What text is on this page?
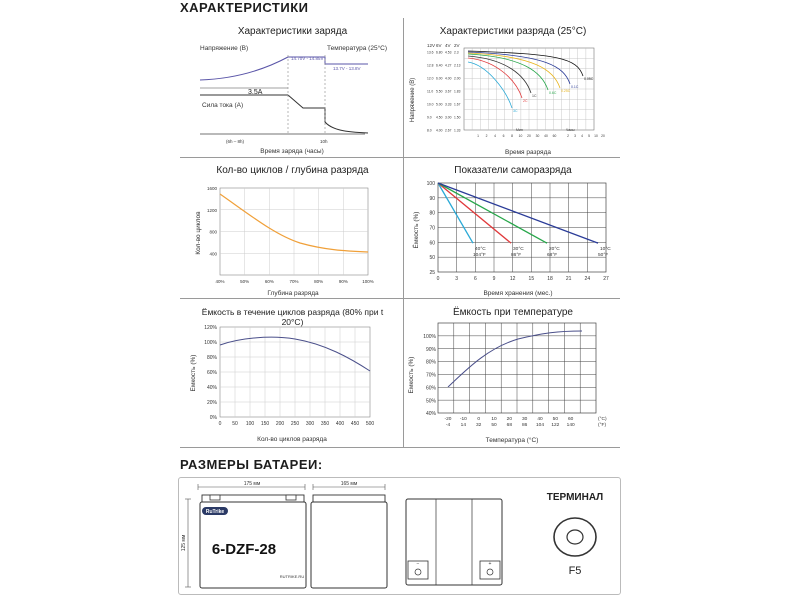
ХАРАКТЕРИСТИКИ
РАЗМЕРЫ БАТАРЕИ:
Характеристики заряда
Напряжение (В)	Температура (25°С)
14.70V - 14.85V
13.7V - 13.8V
3.5A
Сила тока (A)
(6h – 8h)	10h
Время заряда (часы)
Характеристики разряда (25°С)
Напряжение (В)
12V 6V 4V 2V
13.6 6.80 4.53 2.3
12.8 6.40 4.27 2.13
12.0 6.00 4.00 2.00
11.0 5.50 3.67 1.83
10.0 5.00 3.33 1.67
9.0 4.50 3.00 1.50
8.0 4.00 2.67 1.33
3C
2C
1C
0.6C 0.25C
0.1C
0.05C
1 2 4 6 8 10 20 30 40 60	2 3 4 5 10 20
Мин	Часы
Время разряда
Кол-во циклов / глубина разряда
Кол-во циклов
1600
1200
800
400
40%	50%	60%	70%	80%	90%	100%
Глубина разряда
Показатели саморазряда
Ёмкость (%)
100
90
80
70
60
50
25
0	3	6	9	12	15	18	21	24	27
40°C
104°F
30°C
86°F
20°C
68°F
10°C
50°F
Время хранения (мес.)
Ёмкость в течение циклов разряда (80% при t 20°С)
Ёмкость (%)
120%
100%
80%
60%
40%
20%
0%
0 50 100 150 200 250 300 350 400 450 500
Кол-во циклов разряда
Ёмкость при температуре
Ёмкость (%)
100%
90%
80%
70%
60%
50%
40%
-20 -10 0 10 20 30 40 50 60
-4 14 32 50 68 86 104 122 140
(°C)
(°F)
Температура (°С)
175 мм
125 мм
RuTrike
6-DZF-28
RUTRIKE.RU
165 мм
−	+
ТЕРМИНАЛ
F5
